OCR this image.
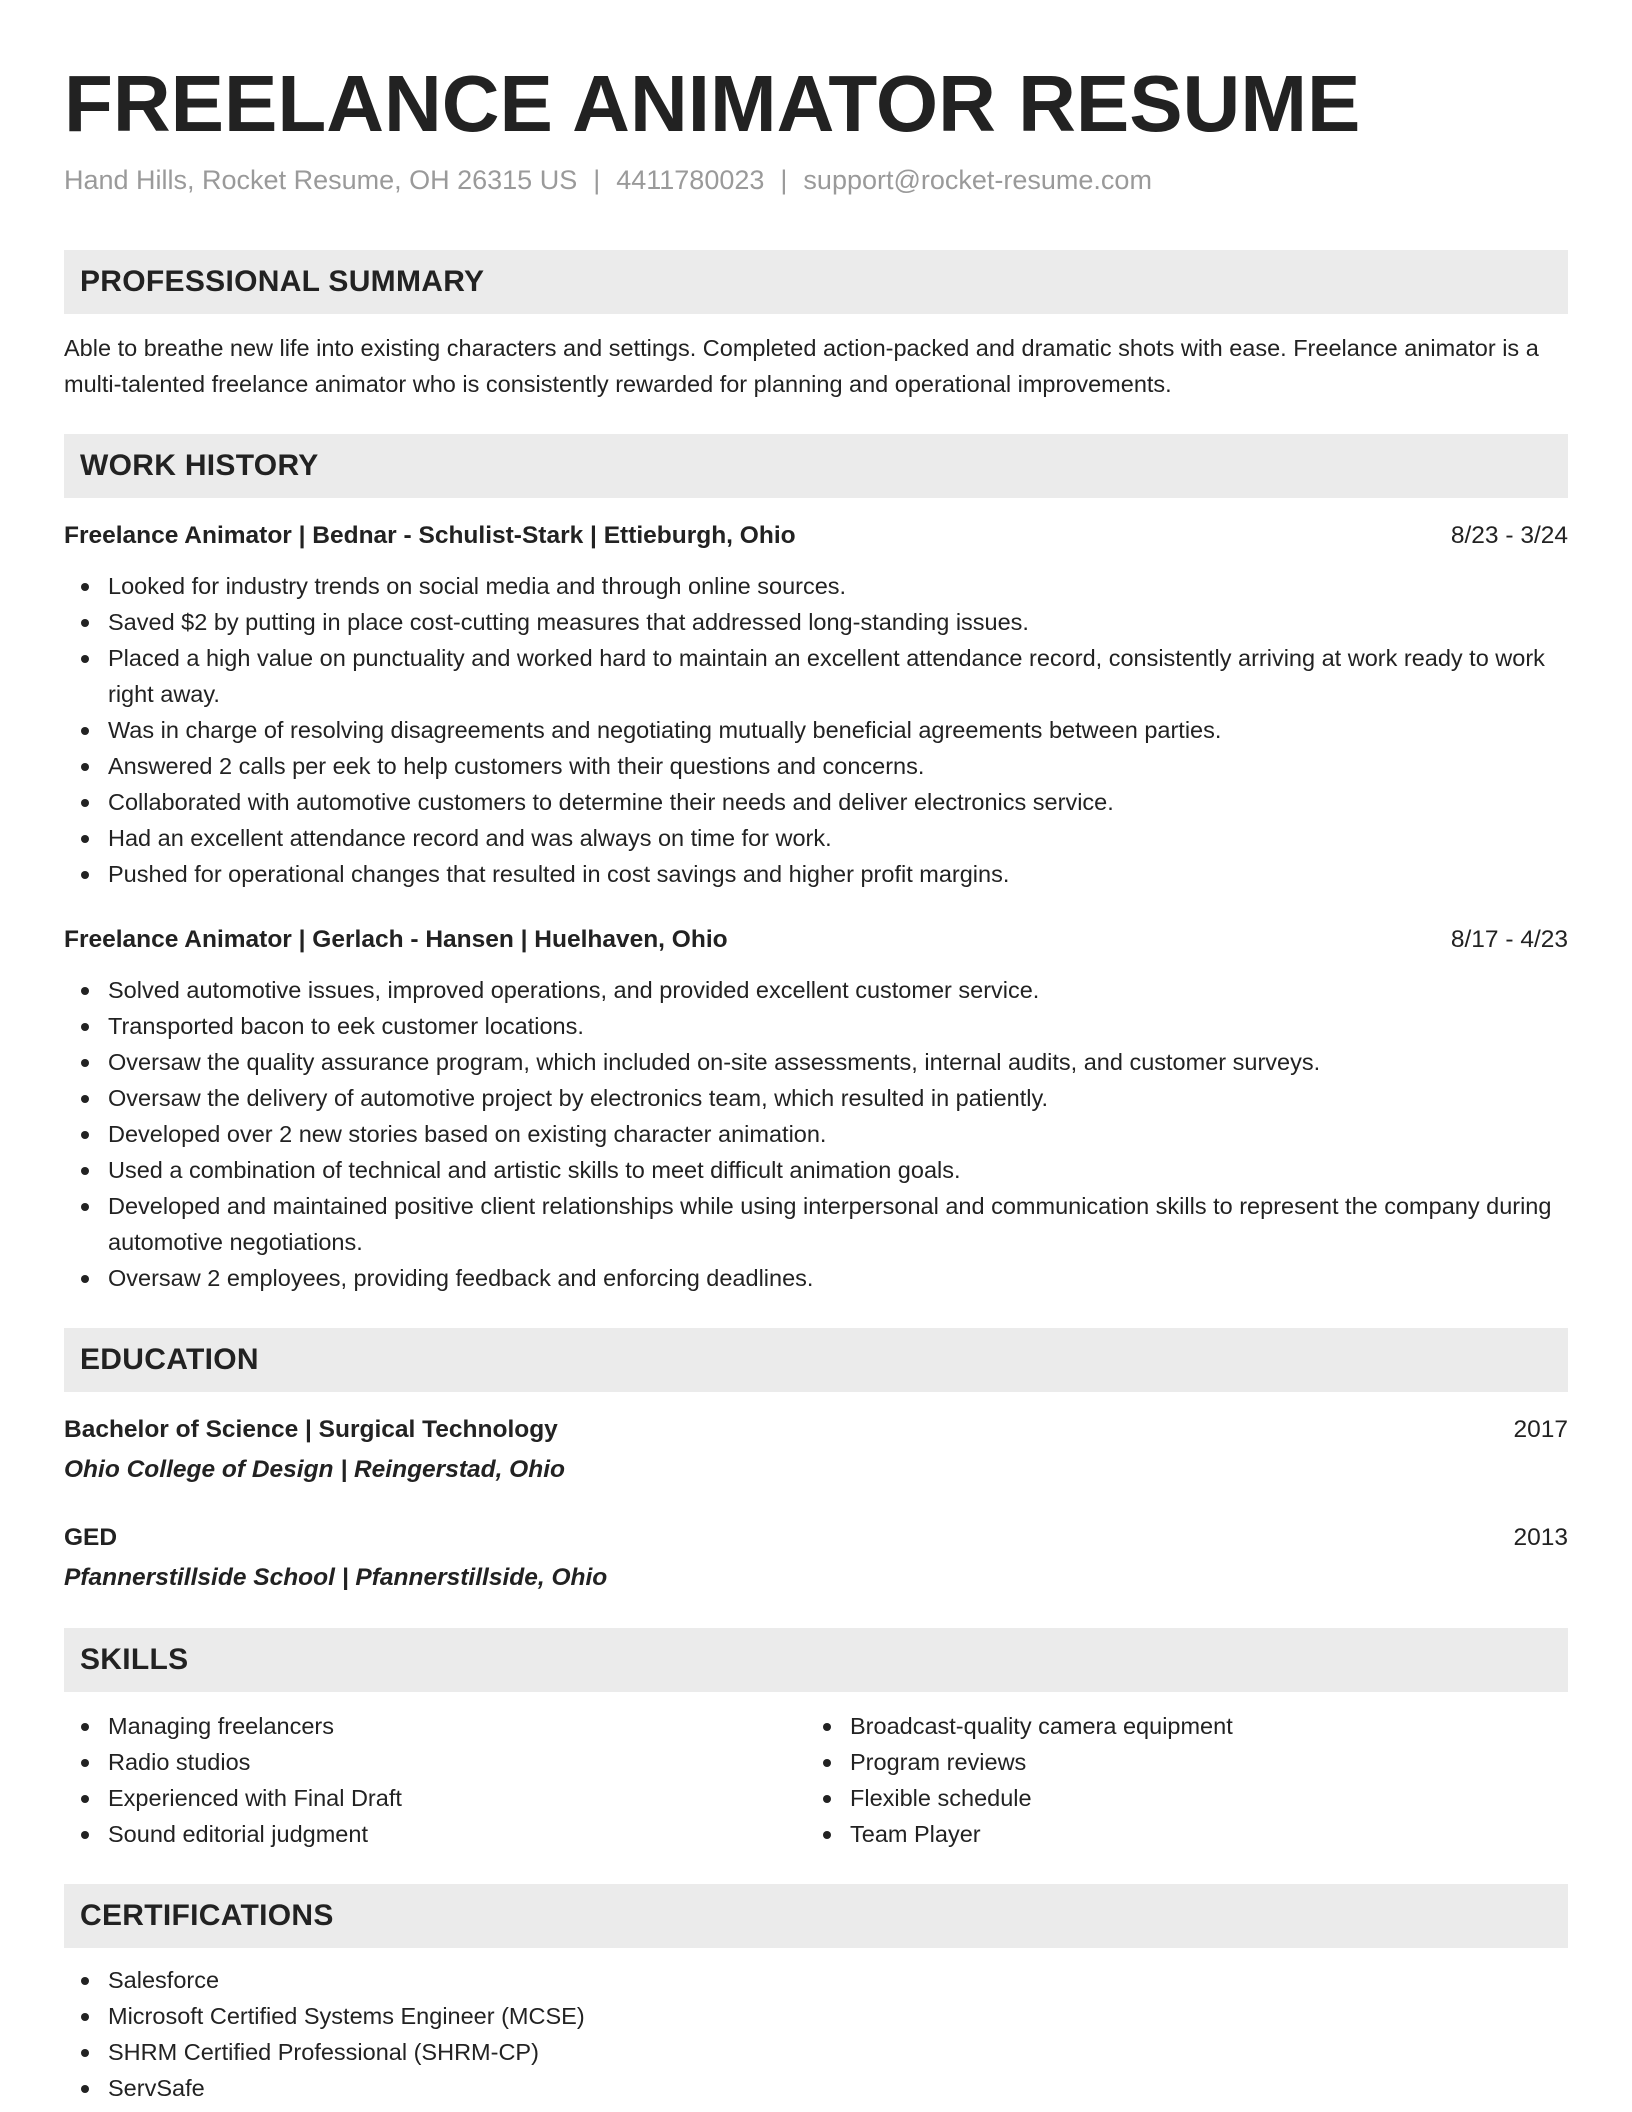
FREELANCE ANIMATOR RESUME
Hand Hills, Rocket Resume, OH 26315 US | 4411780023 | support@rocket-resume.com
PROFESSIONAL SUMMARY

Able to breathe new life into existing characters and settings. Completed action-packed and dramatic shots with ease. Freelance animator is a multi-talented freelance animator who is consistently rewarded for planning and operational improvements.

WORK HISTORY
Freelance Animator | Bednar - Schulist-Stark | Ettieburgh, Ohio	8/23 - 3/24
Looked for industry trends on social media and through online sources.
Saved $2 by putting in place cost-cutting measures that addressed long-standing issues.
Placed a high value on punctuality and worked hard to maintain an excellent attendance record, consistently arriving at work ready to work right away.
Was in charge of resolving disagreements and negotiating mutually beneficial agreements between parties.
Answered 2 calls per eek to help customers with their questions and concerns.
Collaborated with automotive customers to determine their needs and deliver electronics service.
Had an excellent attendance record and was always on time for work.
Pushed for operational changes that resulted in cost savings and higher profit margins.
Freelance Animator | Gerlach - Hansen | Huelhaven, Ohio	8/17 - 4/23
Solved automotive issues, improved operations, and provided excellent customer service.
Transported bacon to eek customer locations.
Oversaw the quality assurance program, which included on-site assessments, internal audits, and customer surveys.
Oversaw the delivery of automotive project by electronics team, which resulted in patiently.
Developed over 2 new stories based on existing character animation.
Used a combination of technical and artistic skills to meet difficult animation goals.
Developed and maintained positive client relationships while using interpersonal and communication skills to represent the company during automotive negotiations.
Oversaw 2 employees, providing feedback and enforcing deadlines.
EDUCATION
Bachelor of Science | Surgical Technology	2017
Ohio College of Design | Reingerstad, Ohio
GED	2013
Pfannerstillside School | Pfannerstillside, Ohio
SKILLS
Managing freelancers
Radio studios
Experienced with Final Draft
Sound editorial judgment
Broadcast-quality camera equipment
Program reviews
Flexible schedule
Team Player
CERTIFICATIONS
Salesforce
Microsoft Certified Systems Engineer (MCSE)
SHRM Certified Professional (SHRM-CP)
ServSafe
